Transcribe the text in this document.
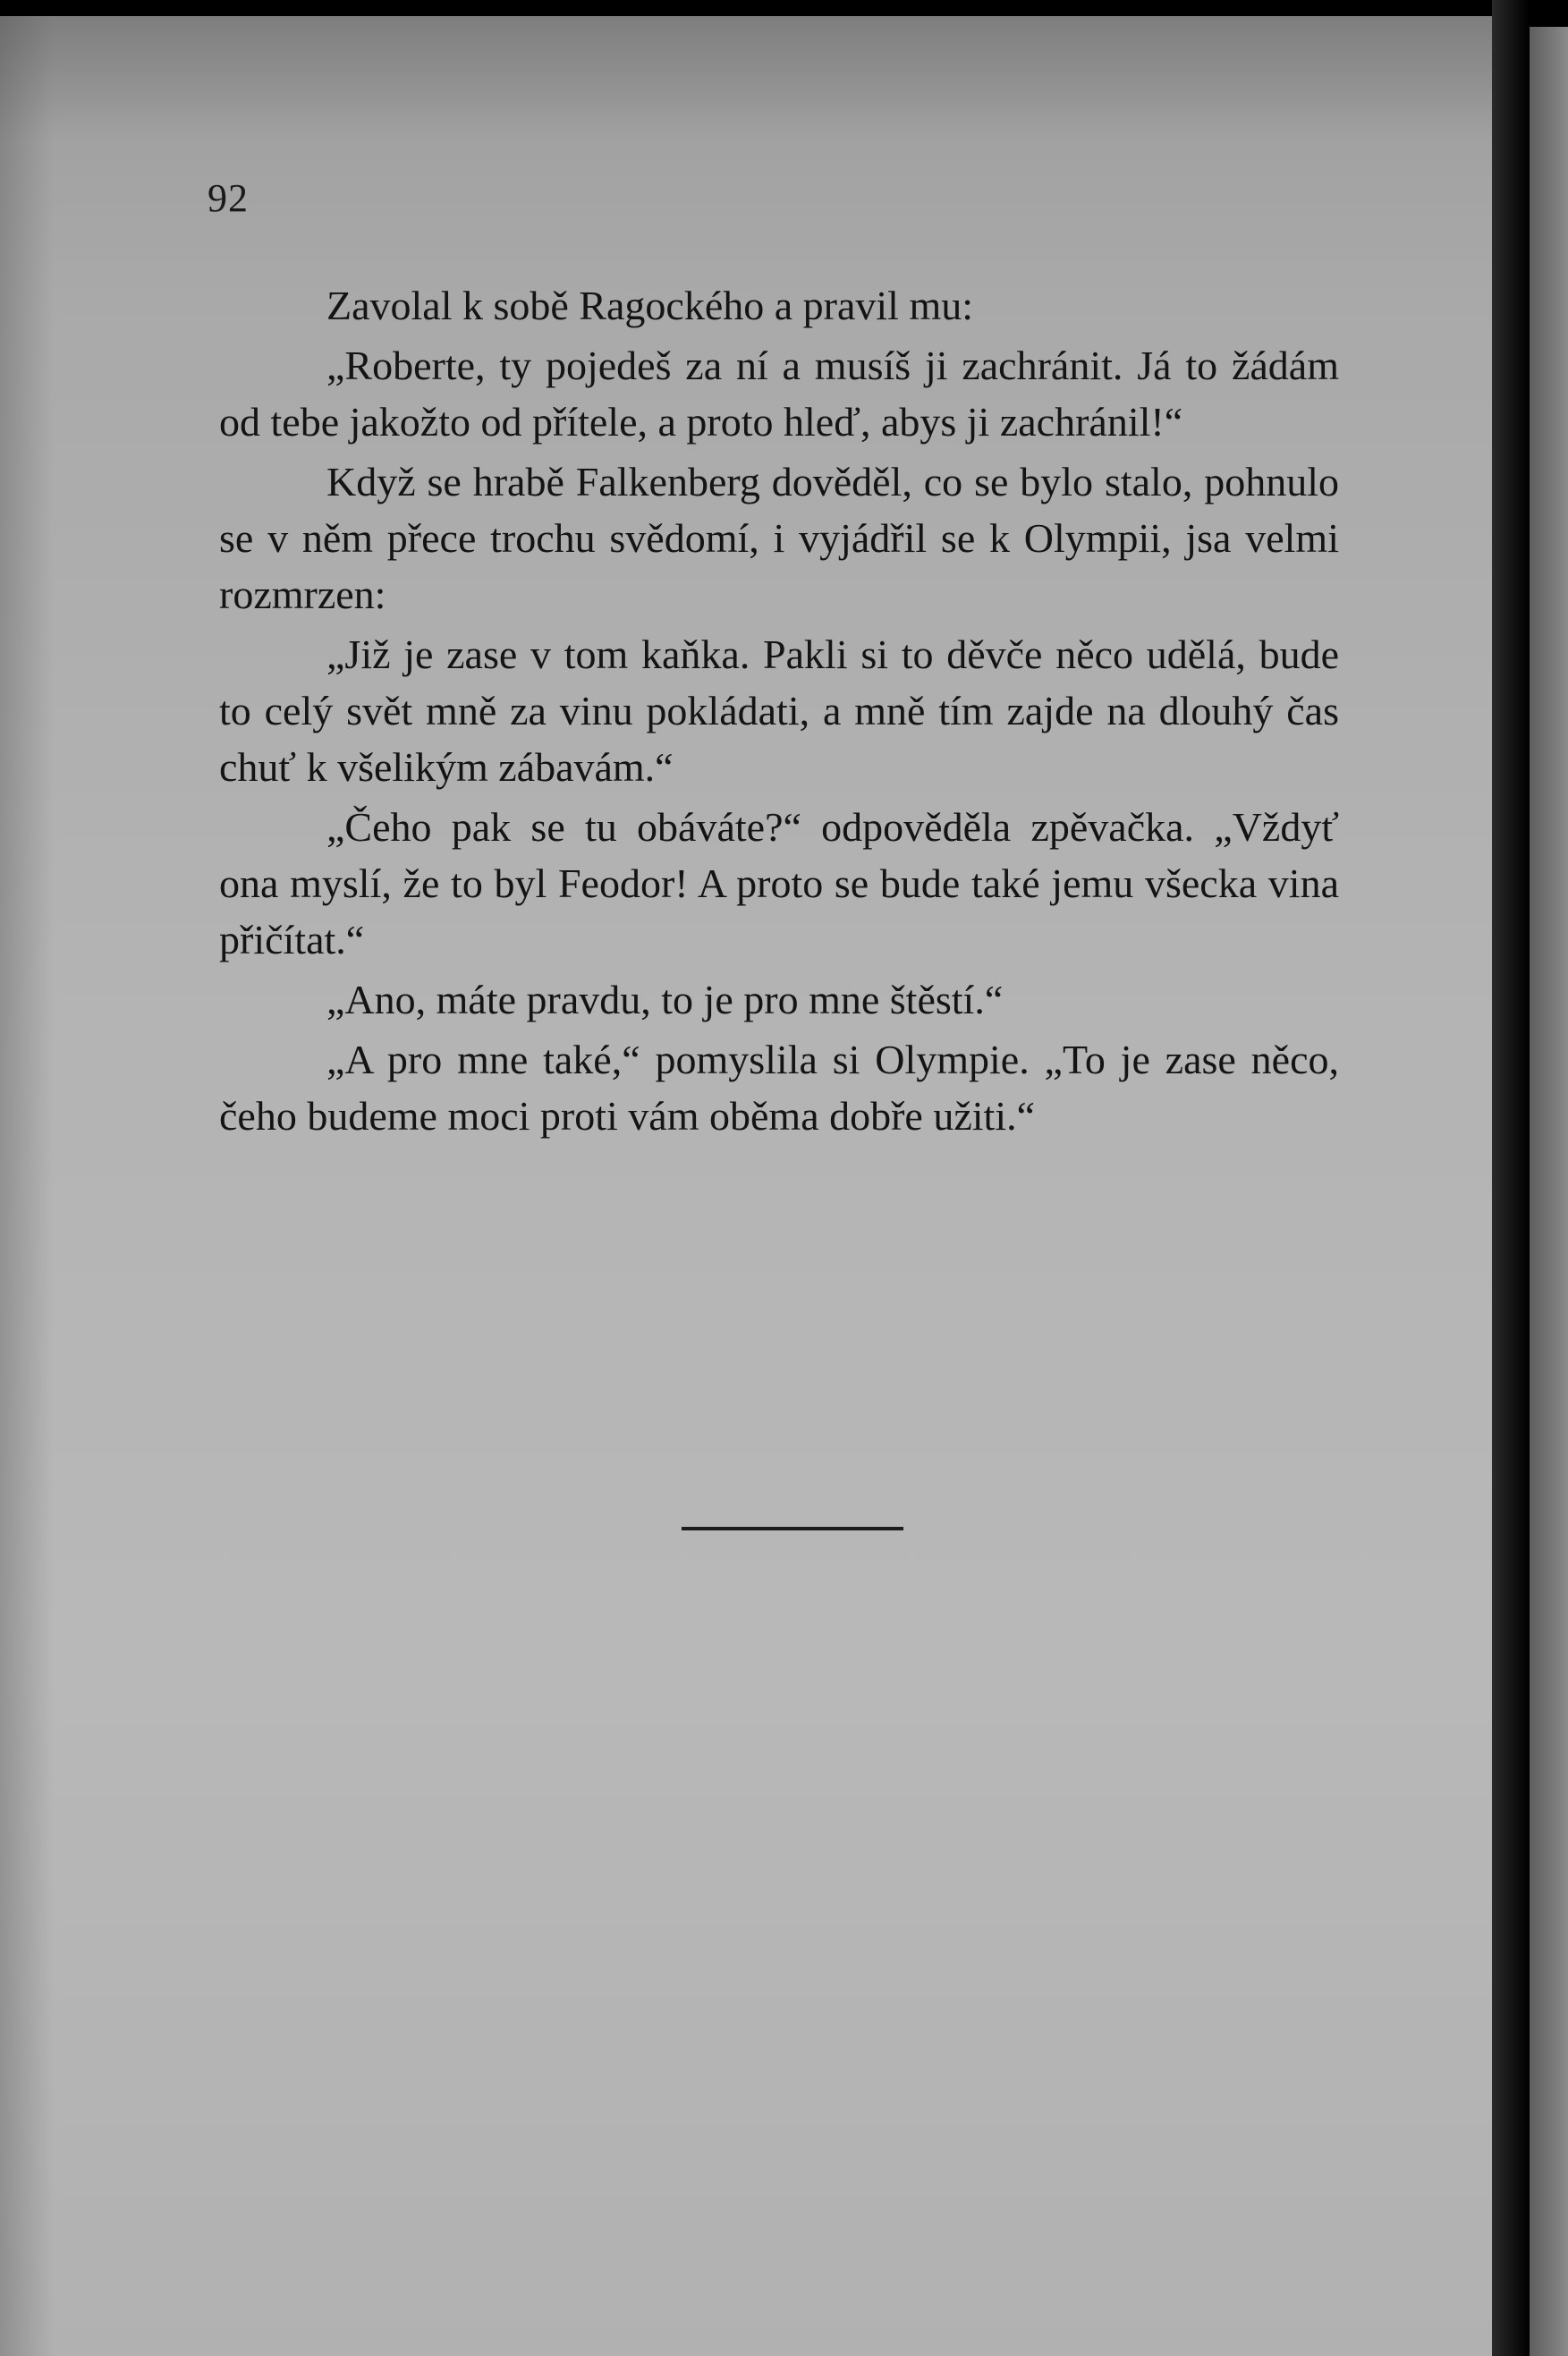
92

Zavolal k sobě Ragockého a pravil mu:

„Roberte, ty pojedeš za ní a musíš ji zachránit. Já to žádám od tebe jakožto od přítele, a proto hleď, abys ji zachránil!“

Když se hrabě Falkenberg dověděl, co se bylo stalo, pohnulo se v něm přece trochu svědomí, i vyjádřil se k Olympii, jsa velmi rozmrzen:

„Již je zase v tom kaňka. Pakli si to děvče něco udělá, bude to celý svět mně za vinu pokládati, a mně tím zajde na dlouhý čas chuť k všelikým zábavám.“

„Čeho pak se tu obáváte?“ odpověděla zpěvačka. „Vždyť ona myslí, že to byl Feodor! A proto se bude také jemu všecka vina přičítat.“

„Ano, máte pravdu, to je pro mne štěstí.“

„A pro mne také,“ pomyslila si Olympie. „To je zase něco, čeho budeme moci proti vám oběma dobře užiti.“
